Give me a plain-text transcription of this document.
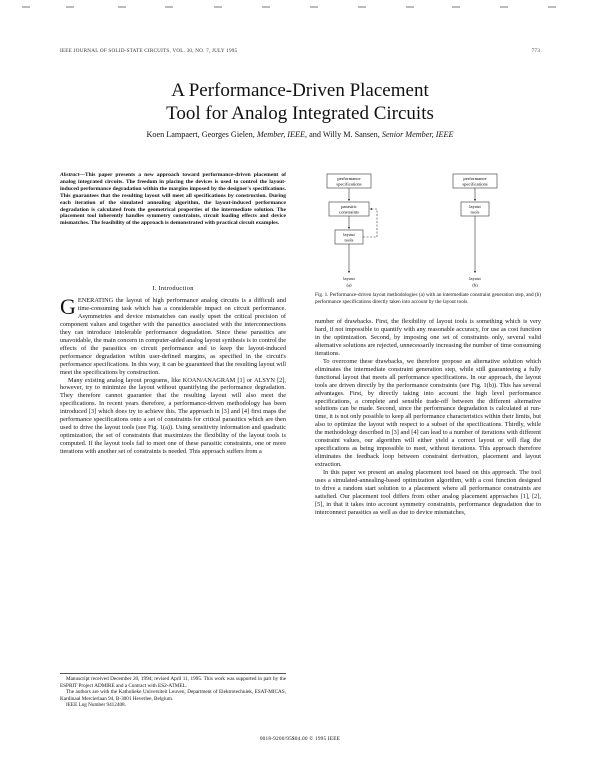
IEEE JOURNAL OF SOLID-STATE CIRCUITS, VOL. 30, NO. 7, JULY 1995	773
A Performance-Driven Placement
Tool for Analog Integrated Circuits
Koen Lampaert, Georges Gielen, Member, IEEE, and Willy M. Sansen, Senior Member, IEEE
Abstract—This paper presents a new approach toward performance-driven placement of analog integrated circuits. The freedom in placing the devices is used to control the layout-induced performance degradation within the margins imposed by the designer's specifications. This guarantees that the resulting layout will meet all specifications by construction. During each iteration of the simulated annealing algorithm, the layout-induced performance degradation is calculated from the geometrical properties of the intermediate solution. The placement tool inherently handles symmetry constraints, circuit loading effects and device mismatches. The feasibility of the approach is demonstrated with practical circuit examples.
I. Introduction

GENERATING the layout of high performance analog circuits is a difficult and time-consuming task which has a considerable impact on circuit performance. Asymmetries and device mismatches can easily upset the critical precision of component values and together with the parasitics associated with the interconnections they can introduce intolerable performance degradation. Since these parasitics are unavoidable, the main concern in computer-aided analog layout synthesis is to control the effects of the parasitics on circuit performance and to keep the layout-induced performance degradation within user-defined margins, as specified in the circuit's performance specifications. In this way, it can be guaranteed that the resulting layout will meet the specifications by construction.

Many existing analog layout programs, like KOAN/ANAGRAM [1] or ALSYN [2], however, try to minimize the layout without quantifying the performance degradation. They therefore cannot guarantee that the resulting layout will also meet the specifications. In recent years therefore, a performance-driven methodology has been introduced [3] which does try to achieve this. The approach in [3] and [4] first maps the performance specifications onto a set of constraints for critical parasitics which are then used to drive the layout tools (see Fig. 1(a)). Using sensitivity information and quadratic optimization, the set of constraints that maximizes the flexibility of the layout tools is computed. If the layout tools fail to meet one of these parasitic constraints, one or more iterations with another set of constraints is needed. This approach suffers from a

Manuscript received December 20, 1994; revised April 11, 1995. This work was supported in part by the ESPRIT Project ADMIRE and a Contract with ES2-ATMEL.

The authors are with the Katholieke Universiteit Leuven, Department of Elektrotechniek, ESAT-MICAS, Kardinaal Mercierlaan 94, B-3001 Heverlee, Belgium.

IEEE Log Number 9412408.

performance
specifications
parasitic
constraints
layout
tools
layout
(a)
performance
specifications
layout
tools
layout
(b)
Fig. 1. Performance-driven layout methodologies (a) with an intermediate constraint generation step, and (b) performance specifications directly taken into account by the layout tools.

number of drawbacks. First, the flexibility of layout tools is something which is very hard, if not impossible to quantify with any reasonable accuracy, for use as cost function in the optimization. Second, by imposing one set of constraints only, several valid alternative solutions are rejected, unnecessarily increasing the number of time consuming iterations.

To overcome these drawbacks, we therefore propose an alternative solution which eliminates the intermediate constraint generation step, while still guaranteeing a fully functional layout that meets all performance specifications. In our approach, the layout tools are driven directly by the performance constraints (see Fig. 1(b)). This has several advantages. First, by directly taking into account the high level performance specifications, a complete and sensible trade-off between the different alternative solutions can be made. Second, since the performance degradation is calculated at run-time, it is not only possible to keep all performance characteristics within their limits, but also to optimize the layout with respect to a subset of the specifications. Thirdly, while the methodology described in [3] and [4] can lead to a number of iterations with different constraint values, our algorithm will either yield a correct layout or will flag the specifications as being impossible to meet, without iterations. This approach therefore eliminates the feedback loop between constraint derivation, placement and layout extraction.

In this paper we present an analog placement tool based on this approach. The tool uses a simulated-annealing-based optimization algorithm, with a cost function designed to drive a random start solution to a placement where all performance constraints are satisfied. Our placement tool differs from other analog placement approaches [1], [2], [5], in that it takes into account symmetry constraints, performance degradation due to interconnect parasitics as well as due to device mismatches,

0018-9200/95$04.00 © 1995 IEEE
